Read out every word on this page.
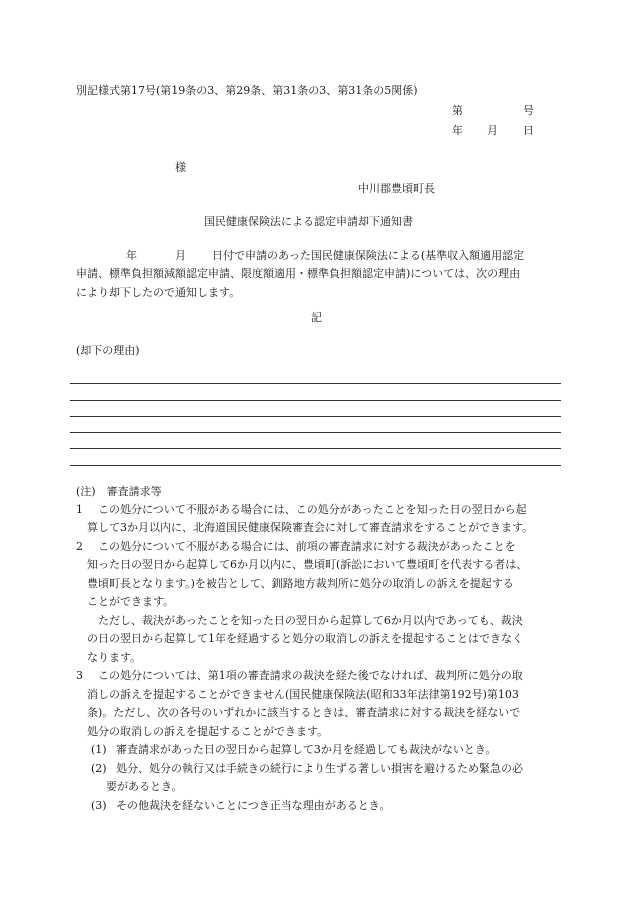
別記様式第17号(第19条の3、第29条、第31条の3、第31条の5関係)
第	号
年 月 日
様
中川郡豊頃町長
国民健康保険法による認定申請却下通知書
年	月 日付で申請のあった国民健康保険法による(基準収入額適用認定
申請、標準負担額減額認定申請、限度額適用・標準負担額認定申請)については、次の理由
により却下したので通知します。
記
(却下の理由)
(注)　審査請求等
1 この処分について不服がある場合には、この処分があったことを知った日の翌日から起
算して3か月以内に、北海道国民健康保険審査会に対して審査請求をすることができます。
2 この処分について不服がある場合には、前項の審査請求に対する裁決があったことを
知った日の翌日から起算して6か月以内に、豊頃町(訴訟において豊頃町を代表する者は、
豊頃町長となります。)を被告として、釧路地方裁判所に処分の取消しの訴えを提起する
ことができます。
ただし、裁決があったことを知った日の翌日から起算して6か月以内であっても、裁決
の日の翌日から起算して1年を経過すると処分の取消しの訴えを提起することはできなく
なります。
3 この処分については、第1項の審査請求の裁決を経た後でなければ、裁判所に処分の取
消しの訴えを提起することができません(国民健康保険法(昭和33年法律第192号)第103
条)。ただし、次の各号のいずれかに該当するときは、審査請求に対する裁決を経ないで
処分の取消しの訴えを提起することができます。
(1) 審査請求があった日の翌日から起算して3か月を経過しても裁決がないとき。
(2) 処分、処分の執行又は手続きの続行により生ずる著しい損害を避けるため緊急の必
要があるとき。
(3) その他裁決を経ないことにつき正当な理由があるとき。
